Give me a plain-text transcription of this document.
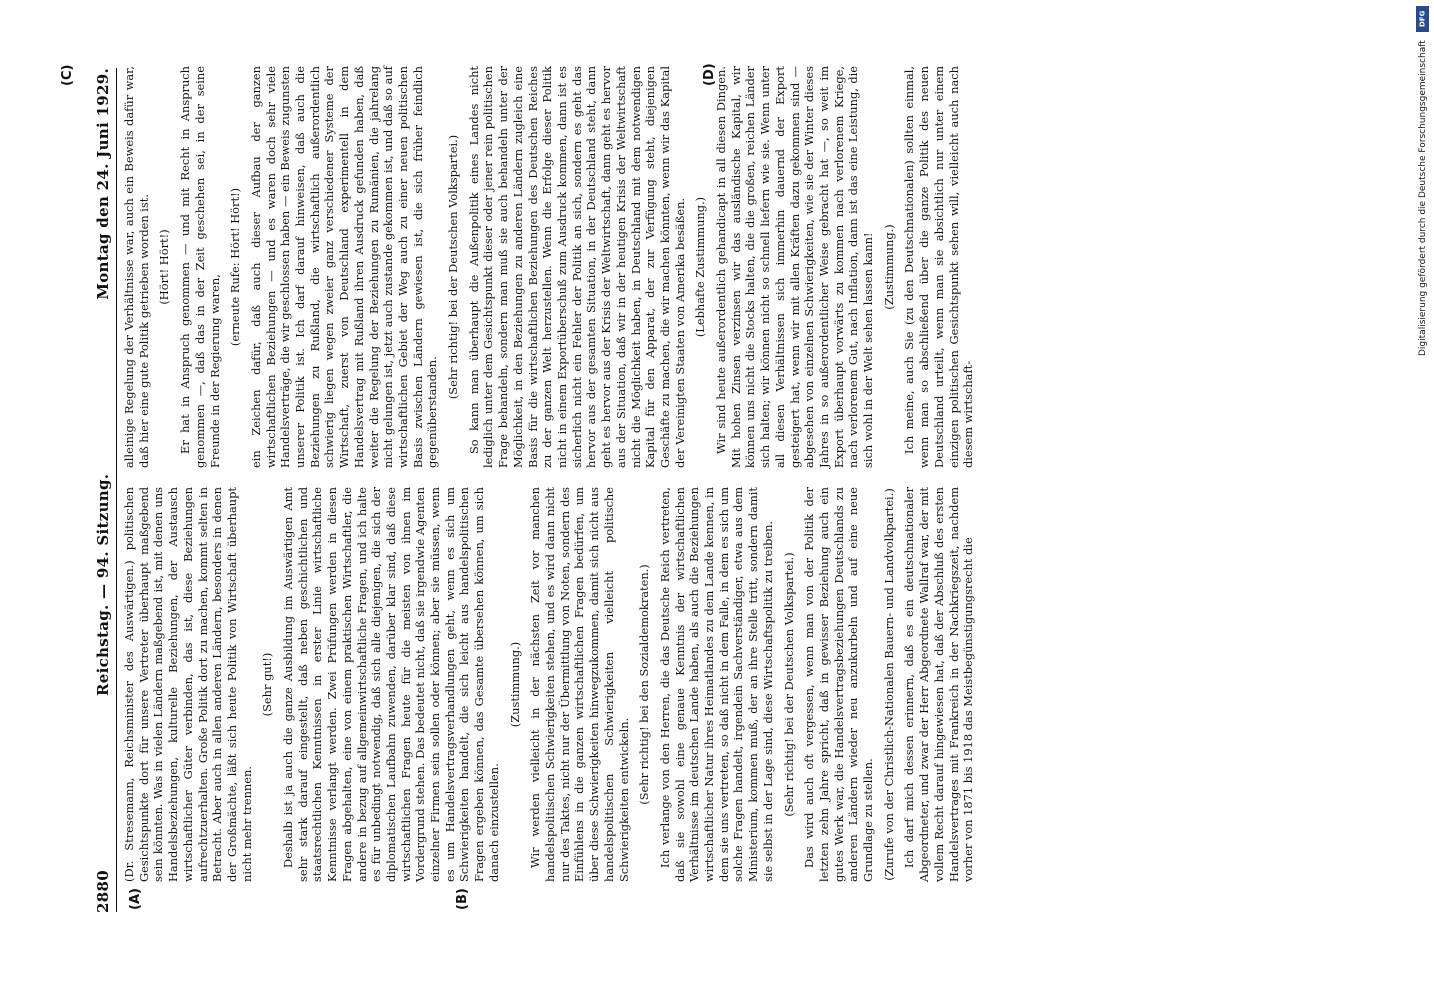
2880
Reichstag. — 94. Sitzung.
Montag den 24. Juni 1929.
(A)	(B)
(C)	(D)

(Dr. Stresemann, Reichsminister des Auswärtigen.) politischen Gesichtspunkte dort für unsere Vertreter überhaupt maßgebend sein könnten. Was in vielen Ländern maßgebend ist, mit denen uns Handelsbeziehungen, kulturelle Beziehungen, der Austausch wirtschaftlicher Güter verbinden, das ist, diese Beziehungen aufrechtzuerhalten. Große Politik dort zu machen, kommt selten in Betracht. Aber auch in allen anderen Ländern, besonders in denen der Großmächte, läßt sich heute Politik von Wirtschaft überhaupt nicht mehr trennen.

(Sehr gut!) Deshalb ist ja auch die ganze Ausbildung im Auswärtigen Amt sehr stark darauf eingestellt, daß neben geschichtlichen und staatsrechtlichen Kenntnissen in erster Linie wirtschaftliche Kenntnisse verlangt werden. Zwei Prüfungen werden in diesen Fragen abgehalten, eine von einem praktischen Wirtschaftler, die andere in bezug auf allgemeinwirtschaftliche Fragen, und ich halte es für unbedingt notwendig, daß sich alle diejenigen, die sich der diplomatischen Laufbahn zuwenden, darüber klar sind, daß diese wirtschaftlichen Fragen heute für die meisten von ihnen im Vordergrund stehen. Das bedeutet nicht, daß sie irgendwie Agenten einzelner Firmen sein sollen oder können; aber sie müssen, wenn es um Handelsvertragsverhandlungen geht, wenn es sich um Schwierigkeiten handelt, die sich leicht aus handelspolitischen Fragen ergeben können, das Gesamte übersehen können, um sich danach einzustellen.

(Zustimmung.) Wir werden vielleicht in der nächsten Zeit vor manchen handelspolitischen Schwierigkeiten stehen, und es wird dann nicht nur des Taktes, nicht nur der Übermittlung von Noten, sondern des Einfühlens in die ganzen wirtschaftlichen Fragen bedürfen, um über diese Schwierigkeiten hinwegzukommen, damit sich nicht aus handelspolitischen Schwierigkeiten vielleicht politische Schwierigkeiten entwickeln. (Sehr richtig! bei den Sozialdemokraten.) Ich verlange von den Herren, die das Deutsche Reich vertreten, daß sie sowohl eine genaue Kenntnis der wirtschaftlichen Verhältnisse im deutschen Lande haben, als auch die Beziehungen wirtschaftlicher Natur ihres Heimatlandes zu dem Lande kennen, in dem sie uns vertreten, so daß nicht in dem Falle, in dem es sich um solche Fragen handelt, irgendein Sachverständiger, etwa aus dem Ministerium, kommen muß, der an ihre Stelle tritt, sondern damit sie selbst in der Lage sind, diese Wirtschaftspolitik zu treiben. (Sehr richtig! bei der Deutschen Volkspartei.) Das wird auch oft vergessen, wenn man von der Politik der letzten zehn Jahre spricht, daß in gewisser Beziehung auch ein gutes Werk war, die Handelsvertragsbeziehungen Deutschlands zu anderen Ländern wieder neu anzukurbeln und auf eine neue Grundlage zu stellen. (Zurufe von der Christlich-Nationalen Bauern- und Landvolkpartei.) Ich darf mich dessen erinnern, daß es ein deutschnationaler Abgeordneter, und zwar der Herr Abgeordnete Wallraf war, der mit vollem Recht darauf hingewiesen hat, daß der Abschluß des ersten Handelsvertrages mit Frankreich in der Nachkriegszeit, nachdem vorher von 1871 bis 1918 das Meistbegünstigungsrecht die

alleinige Regelung der Verhältnisse war, auch ein Beweis dafür war, daß hier eine gute Politik getrieben worden ist. (Hört! Hört!) Er hat in Anspruch genommen — und mit Recht in Anspruch genommen —, daß das in der Zeit geschehen sei, in der seine Freunde in der Regierung waren,

(erneute Rufe: Hört! Hört!) ein Zeichen dafür, daß auch dieser Aufbau der ganzen wirtschaftlichen Beziehungen — und es waren doch sehr viele Handelsverträge, die wir geschlossen haben — ein Beweis zugunsten unserer Politik ist. Ich darf darauf hinweisen, daß auch die Beziehungen zu Rußland, die wirtschaftlich außerordentlich schwierig liegen wegen zweier ganz verschiedener Systeme der Wirtschaft, zuerst von Deutschland experimentell in dem Handelsvertrag mit Rußland ihren Ausdruck gefunden haben, daß weiter die Regelung der Beziehungen zu Rumänien, die jahrelang nicht gelungen ist, jetzt auch zustande gekommen ist, und daß so auf wirtschaftlichen Gebiet der Weg auch zu einer neuen politischen Basis zwischen Ländern gewiesen ist, die sich früher feindlich gegenüberstanden.

(Sehr richtig! bei der Deutschen Volkspartei.) So kann man überhaupt die Außenpolitik eines Landes nicht lediglich unter dem Gesichtspunkt dieser oder jener rein politischen Frage behandeln, sondern man muß sie auch behandeln unter der Möglichkeit, in den Beziehungen zu anderen Ländern zugleich eine Basis für die wirtschaftlichen Beziehungen des Deutschen Reiches zu der ganzen Welt herzustellen. Wenn die Erfolge dieser Politik nicht in einem Exportüberschuß zum Ausdruck kommen, dann ist es sicherlich nicht ein Fehler der Politik an sich, sondern es geht das hervor aus der gesamten Situation, in der Deutschland steht, dann geht es hervor aus der Krisis der Weltwirtschaft, dann geht es hervor aus der Situation, daß wir in der heutigen Krisis der Weltwirtschaft nicht die Möglichkeit haben, in Deutschland mit dem notwendigen Kapital für den Apparat, der zur Verfügung steht, diejenigen Geschäfte zu machen, die wir machen könnten, wenn wir das Kapital der Vereinigten Staaten von Amerika besäßen. (Lebhafte Zustimmung.) Wir sind heute außerordentlich gehandicapt in all diesen Dingen. Mit hohen Zinsen verzinsen wir das ausländische Kapital, wir können uns nicht die Stocks halten, die die großen, reichen Länder sich halten; wir können nicht so schnell liefern wie sie. Wenn unter all diesen Verhältnissen sich immerhin dauernd der Export gesteigert hat, wenn wir mit allen Kräften dazu gekommen sind — abgesehen von einzelnen Schwierigkeiten, wie sie der Winter dieses Jahres in so außerordentlicher Weise gebracht hat —, so weit im Export überhaupt vorwärts zu kommen nach verlorenem Kriege, nach verlorenem Gut, nach Inflation, dann ist das eine Leistung, die sich wohl in der Welt sehen lassen kann! (Zustimmung.) Ich meine, auch Sie (zu den Deutschnationalen) sollten einmal, wenn man so abschließend über die ganze Politik des neuen Deutschland urteilt, wenn man sie absichtlich nur unter einem einzigen politischen Gesichtspunkt sehen will, vielleicht auch nach diesem wirtschaft-

DFG
Digitalisierung gefördert durch die Deutsche Forschungsgemeinschaft
